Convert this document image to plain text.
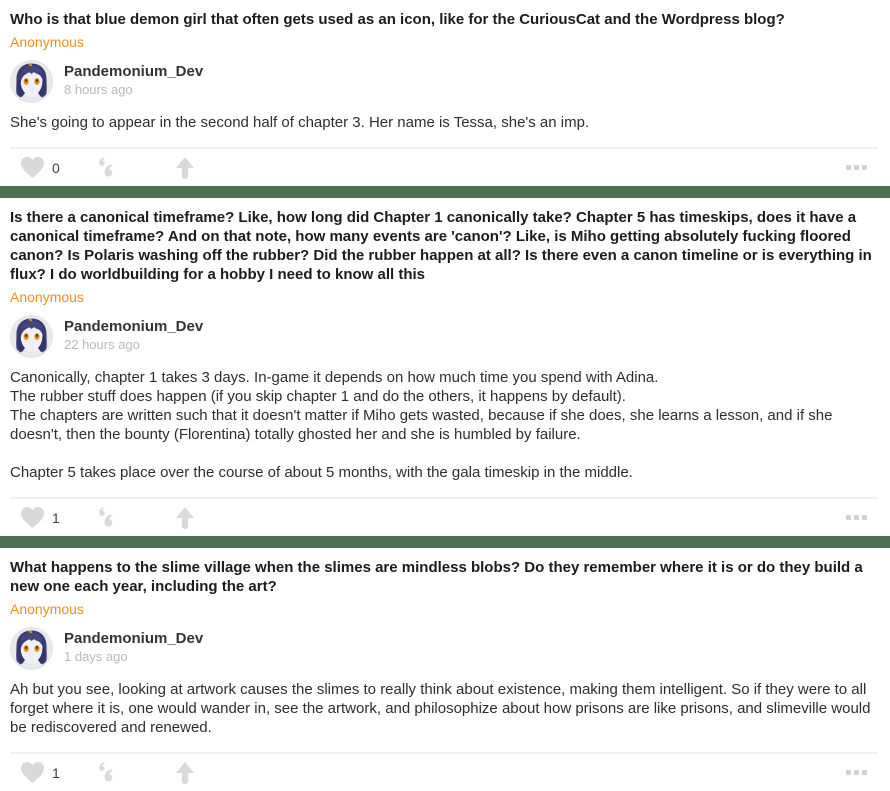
Who is that blue demon girl that often gets used as an icon, like for the CuriousCat and the Wordpress blog?
Anonymous
Pandemonium_Dev
8 hours ago
She's going to appear in the second half of chapter 3. Her name is Tessa, she's an imp.
0
Is there a canonical timeframe? Like, how long did Chapter 1 canonically take? Chapter 5 has timeskips, does it have a canonical timeframe? And on that note, how many events are 'canon'? Like, is Miho getting absolutely fucking floored canon? Is Polaris washing off the rubber? Did the rubber happen at all? Is there even a canon timeline or is everything in flux? I do worldbuilding for a hobby I need to know all this
Anonymous
Pandemonium_Dev
22 hours ago
Canonically, chapter 1 takes 3 days. In-game it depends on how much time you spend with Adina.
The rubber stuff does happen (if you skip chapter 1 and do the others, it happens by default).
The chapters are written such that it doesn't matter if Miho gets wasted, because if she does, she learns a lesson, and if she doesn't, then the bounty (Florentina) totally ghosted her and she is humbled by failure.
Chapter 5 takes place over the course of about 5 months, with the gala timeskip in the middle.
1
What happens to the slime village when the slimes are mindless blobs? Do they remember where it is or do they build a new one each year, including the art?
Anonymous
Pandemonium_Dev
1 days ago
Ah but you see, looking at artwork causes the slimes to really think about existence, making them intelligent. So if they were to all forget where it is, one would wander in, see the artwork, and philosophize about how prisons are like prisons, and slimeville would be rediscovered and renewed.
1
